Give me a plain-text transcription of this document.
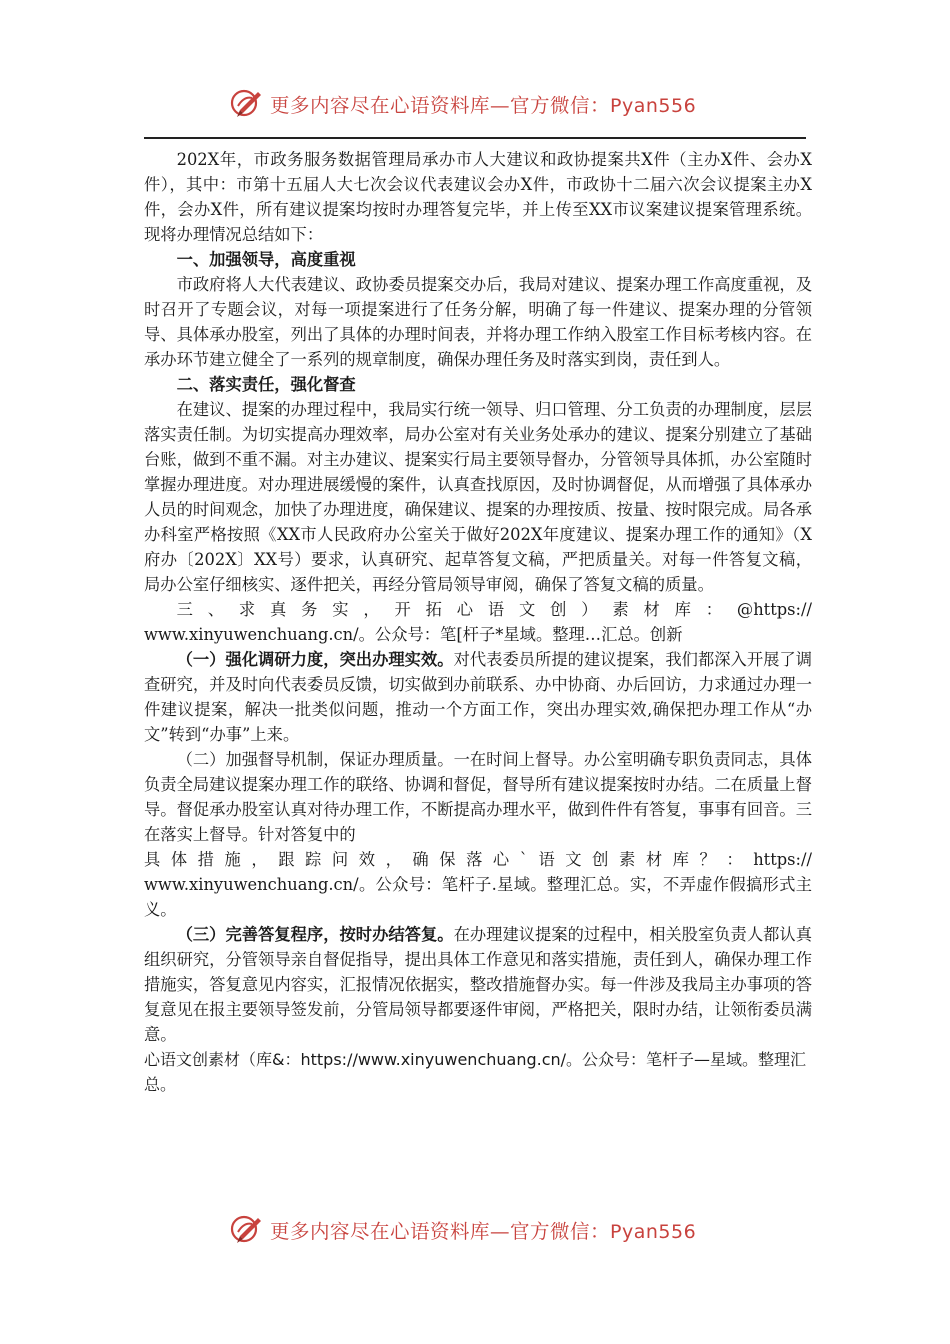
更多内容尽在心语资料库—官方微信：Pyan556

202X年，市政务服务数据管理局承办市人大建议和政协提案共X件（主办X件、会办X件），其中：市第十五届人大七次会议代表建议会办X件，市政协十二届六次会议提案主办X件，会办X件，所有建议提案均按时办理答复完毕，并上传至XX市议案建议提案管理系统。现将办理情况总结如下：

一、加强领导，高度重视

市政府将人大代表建议、政协委员提案交办后，我局对建议、提案办理工作高度重视，及时召开了专题会议，对每一项提案进行了任务分解，明确了每一件建议、提案办理的分管领导、具体承办股室，列出了具体的办理时间表，并将办理工作纳入股室工作目标考核内容。在承办环节建立健全了一系列的规章制度，确保办理任务及时落实到岗，责任到人。

二、落实责任，强化督查

在建议、提案的办理过程中，我局实行统一领导、归口管理、分工负责的办理制度，层层落实责任制。为切实提高办理效率，局办公室对有关业务处承办的建议、提案分别建立了基础台账，做到不重不漏。对主办建议、提案实行局主要领导督办，分管领导具体抓，办公室随时掌握办理进度。对办理进展缓慢的案件，认真查找原因，及时协调督促，从而增强了具体承办人员的时间观念，加快了办理进度，确保建议、提案的办理按质、按量、按时限完成。局各承办科室严格按照《XX市人民政府办公室关于做好202X年度建议、提案办理工作的通知》（X府办〔202X〕XX号）要求，认真研究、起草答复文稿，严把质量关。对每一件答复文稿，局办公室仔细核实、逐件把关，再经分管局领导审阅，确保了答复文稿的质量。

三、求真务实，开拓心语文创）素材库：@https://

www.xinyuwenchuang.cn/。公众号：笔[杆子*星域。整理…汇总。创新

（一）强化调研力度，突出办理实效。对代表委员所提的建议提案，我们都深入开展了调查研究，并及时向代表委员反馈，切实做到办前联系、办中协商、办后回访，力求通过办理一件建议提案，解决一批类似问题，推动一个方面工作，突出办理实效,确保把办理工作从“办文”转到“办事”上来。

（二）加强督导机制，保证办理质量。一在时间上督导。办公室明确专职负责同志，具体负责全局建议提案办理工作的联络、协调和督促，督导所有建议提案按时办结。二在质量上督导。督促承办股室认真对待办理工作，不断提高办理水平，做到件件有答复，事事有回音。三在落实上督导。针对答复中的

具体措施，跟踪问效，确保落心`语文创素材库？：https://

www.xinyuwenchuang.cn/。公众号：笔杆子.星域。整理汇总。实，不弄虚作假搞形式主义。

（三）完善答复程序，按时办结答复。在办理建议提案的过程中，相关股室负责人都认真组织研究，分管领导亲自督促指导，提出具体工作意见和落实措施，责任到人，确保办理工作措施实，答复意见内容实，汇报情况依据实，整改措施督办实。每一件涉及我局主办事项的答复意见在报主要领导签发前，分管局领导都要逐件审阅，严格把关，限时办结，让领衔委员满意。

心语文创素材（库&：https://www.xinyuwenchuang.cn/。公众号：笔杆子—星域。整理汇总。

更多内容尽在心语资料库—官方微信：Pyan556
